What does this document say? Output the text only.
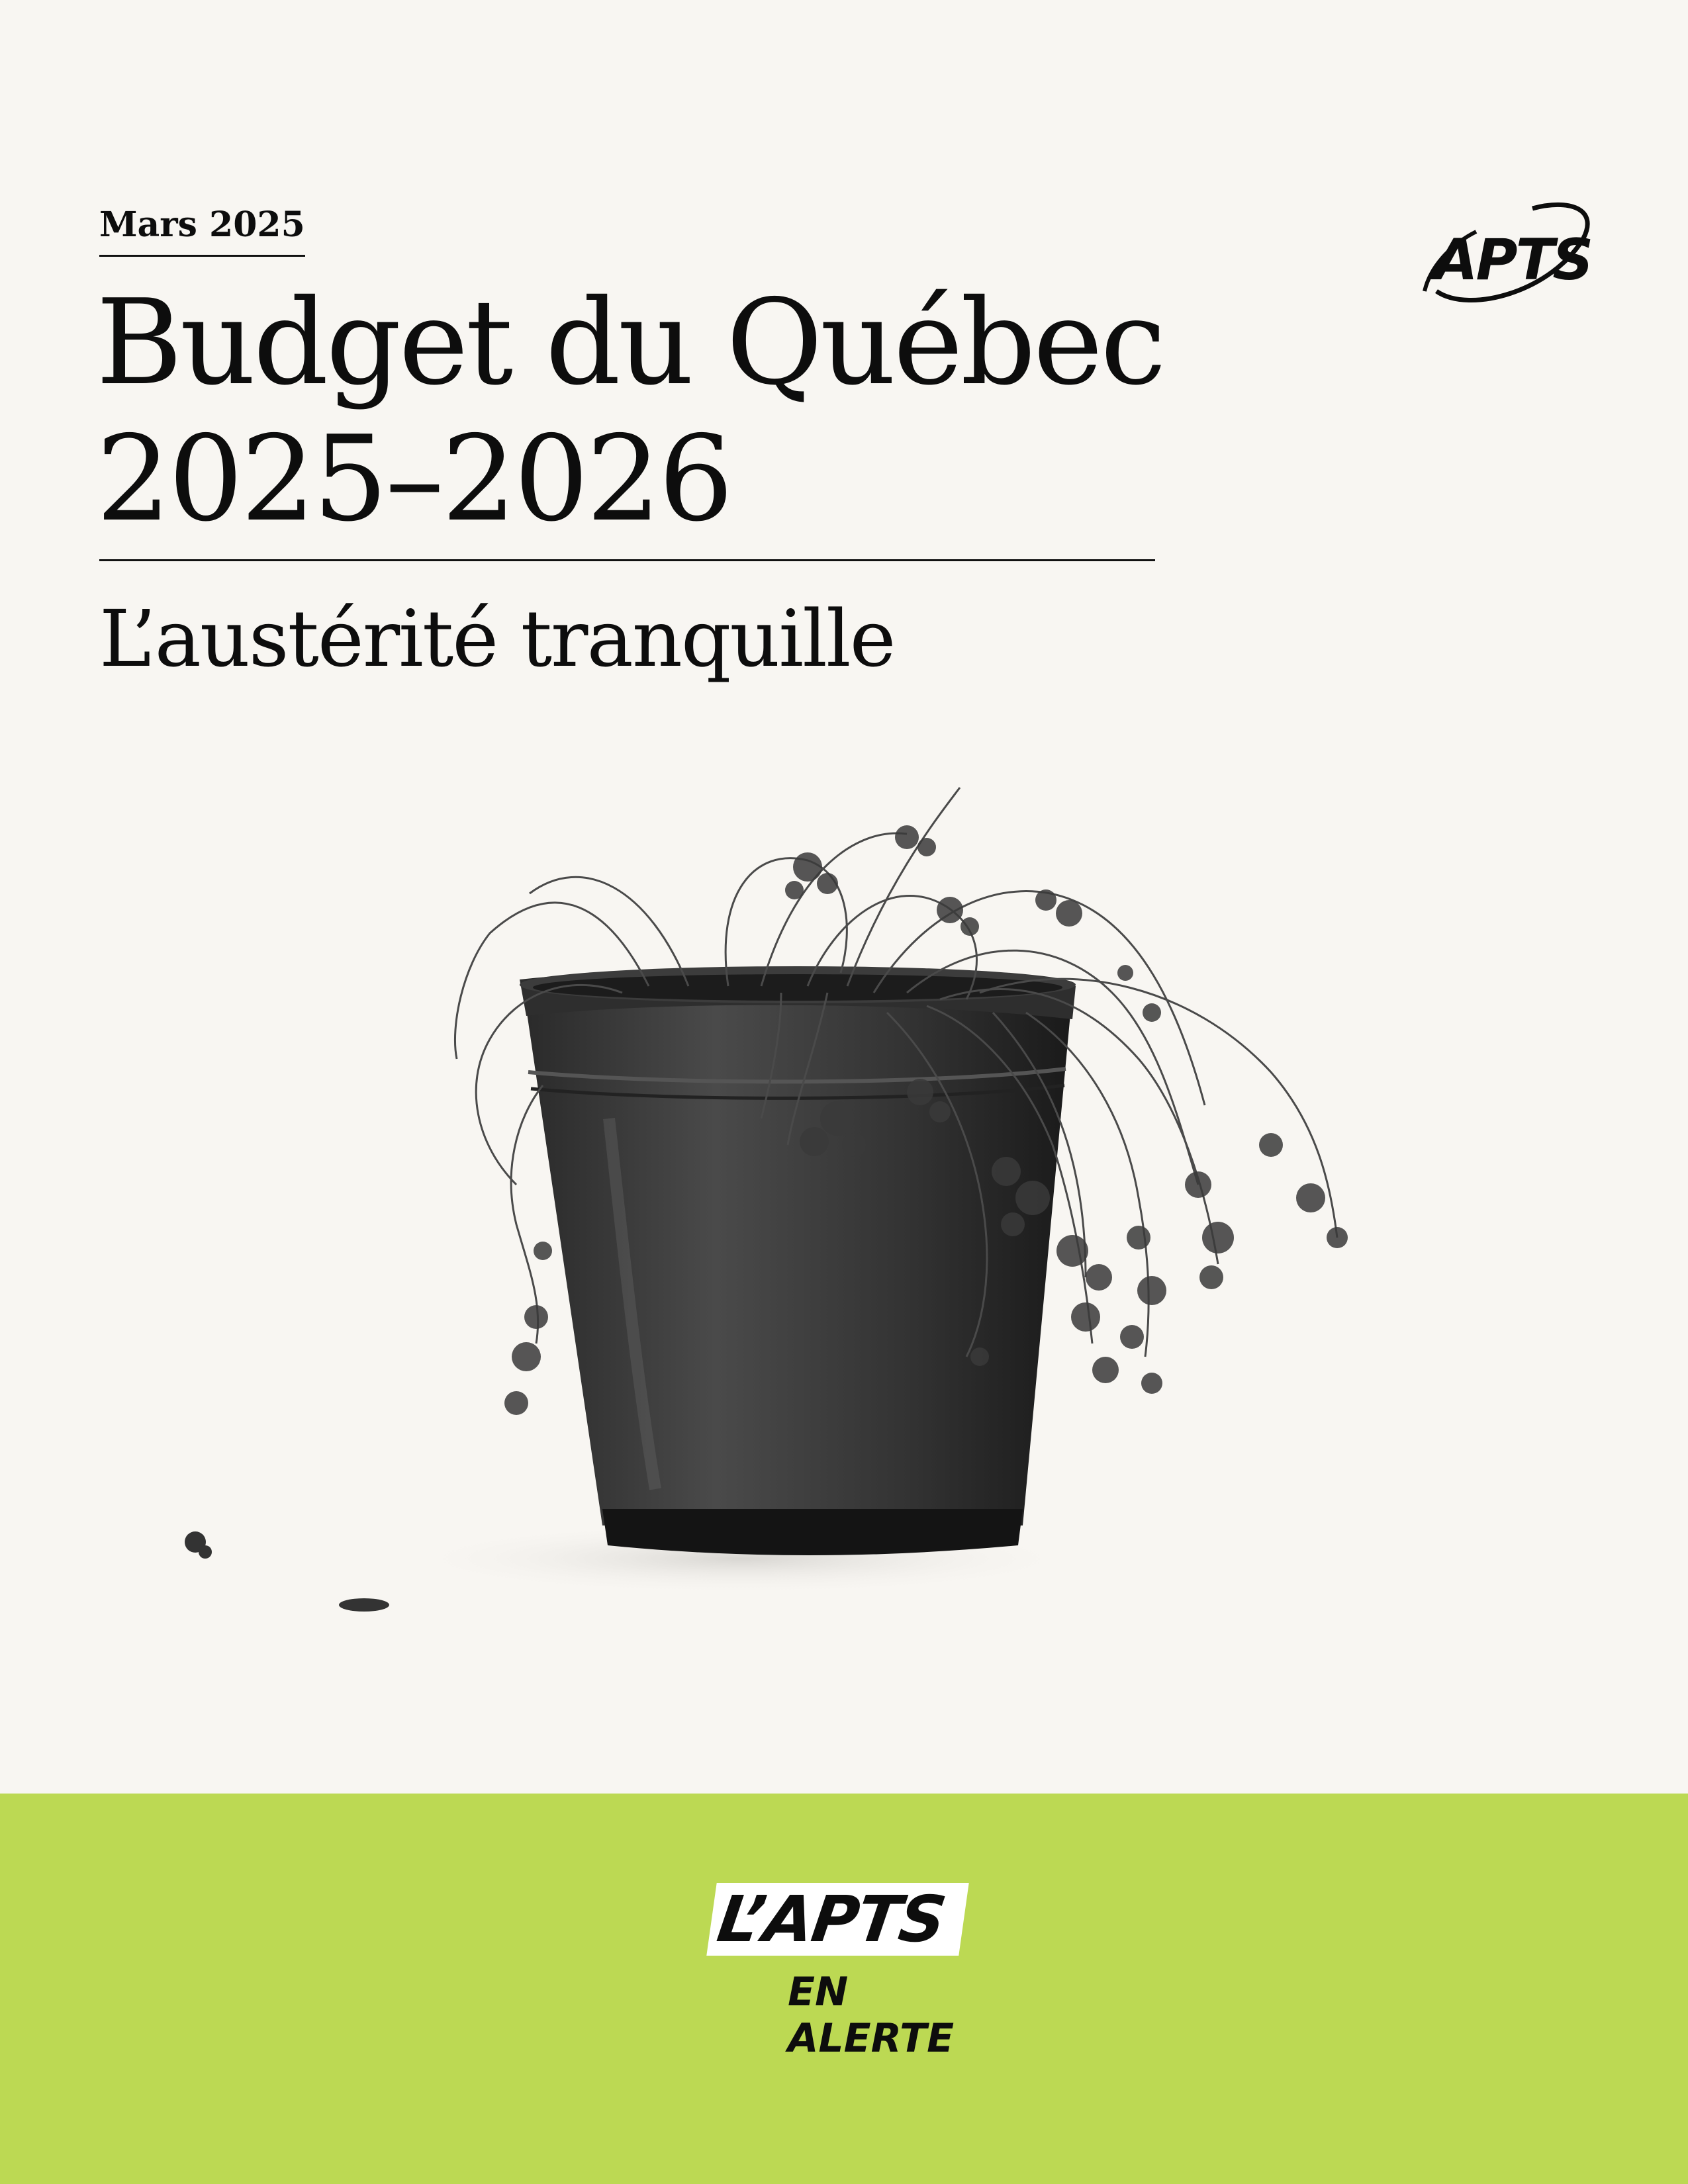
Mars 2025
Budget du Québec
2025–2026
L’austérité tranquille
APTS
L’APTS
EN ALERTE
